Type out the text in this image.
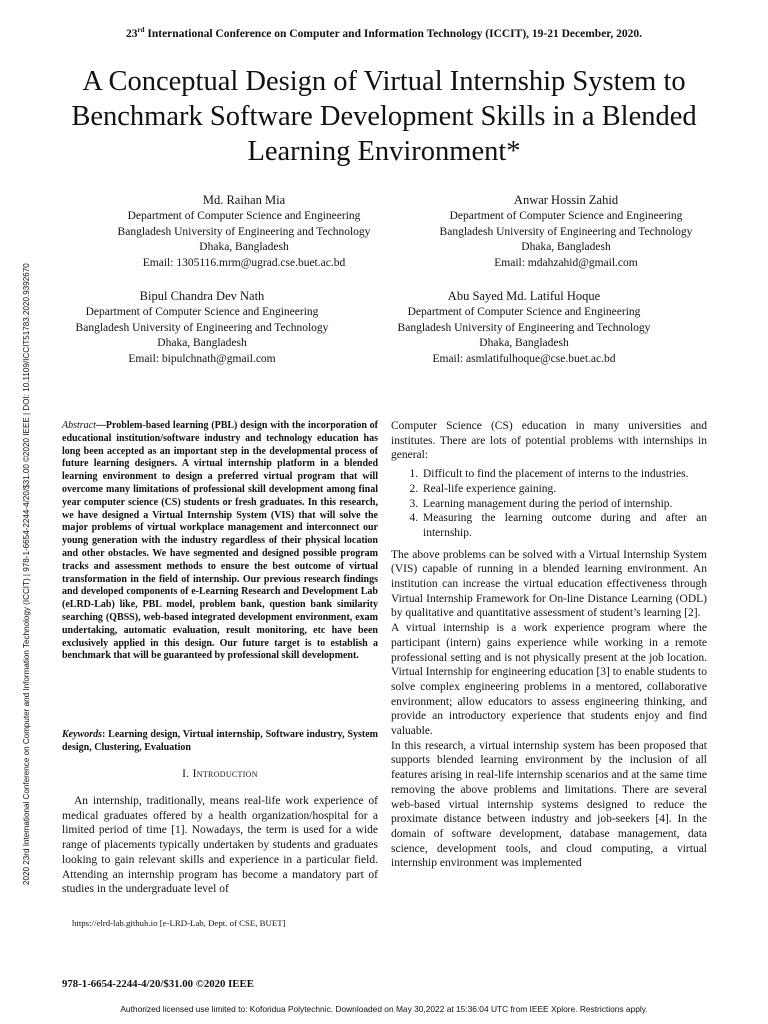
23rd International Conference on Computer and Information Technology (ICCIT), 19-21 December, 2020.
A Conceptual Design of Virtual Internship System to Benchmark Software Development Skills in a Blended Learning Environment*
Md. Raihan Mia
Department of Computer Science and Engineering
Bangladesh University of Engineering and Technology
Dhaka, Bangladesh
Email: 1305116.mrm@ugrad.cse.buet.ac.bd
Anwar Hossin Zahid
Department of Computer Science and Engineering
Bangladesh University of Engineering and Technology
Dhaka, Bangladesh
Email: mdahzahid@gmail.com
Bipul Chandra Dev Nath
Department of Computer Science and Engineering
Bangladesh University of Engineering and Technology
Dhaka, Bangladesh
Email: bipulchnath@gmail.com
Abu Sayed Md. Latiful Hoque
Department of Computer Science and Engineering
Bangladesh University of Engineering and Technology
Dhaka, Bangladesh
Email: asmlatifulhoque@cse.buet.ac.bd
2020 23rd International Conference on Computer and Information Technology (ICCIT) | 978-1-6654-2244-4/20/$31.00 ©2020 IEEE | DOI: 10.1109/ICCIT51783.2020.9392670	Abstract—Problem-based learning (PBL) design with the incorporation of educational institution/software industry and technology education has long been accepted as an important step in the developmental process of future learning designers. A virtual internship platform in a blended learning environment to design a preferred virtual program that will overcome many limitations of professional skill development among final year computer science (CS) students or fresh graduates. In this research, we have designed a Virtual Internship System (VIS) that will solve the major problems of virtual workplace management and interconnect our young generation with the industry regardless of their physical location and other obstacles. We have segmented and designed possible program tracks and assessment methods to ensure the best outcome of virtual transformation in the field of internship. Our previous research findings and developed components of e-Learning Research and Development Lab (eLRD-Lab) like, PBL model, problem bank, question bank similarity searching (QBSS), web-based integrated development environment, exam undertaking, automatic evaluation, result monitoring, etc have been exclusively applied in this design. Our future target is to establish a benchmark that will be guaranteed by professional skill development.
Keywords: Learning design, Virtual internship, Software industry, System design, Clustering, Evaluation
I. Introduction
An internship, traditionally, means real-life work experience of medical graduates offered by a health organization/hospital for a limited period of time [1]. Nowadays, the term is used for a wide range of placements typically undertaken by students and graduates looking to gain relevant skills and experience in a particular field. Attending an internship program has become a mandatory part of studies in the undergraduate level of
https://elrd-lab.github.io [e-LRD-Lab, Dept. of CSE, BUET]

Computer Science (CS) education in many universities and institutes. There are lots of potential problems with internships in general:

1. Difficult to find the placement of interns to the industries.
2. Real-life experience gaining.
3. Learning management during the period of internship.
4. Measuring the learning outcome during and after an internship.

The above problems can be solved with a Virtual Internship System (VIS) capable of running in a blended learning environment. An institution can increase the virtual education effectiveness through Virtual Internship Framework for On-line Distance Learning (ODL) by qualitative and quantitative assessment of student’s learning [2].

A virtual internship is a work experience program where the participant (intern) gains experience while working in a remote professional setting and is not physically present at the job location. Virtual Internship for engineering education [3] to enable students to solve complex engineering problems in a mentored, collaborative environment; allow educators to assess engineering thinking, and provide an introductory experience that students enjoy and find valuable.

In this research, a virtual internship system has been proposed that supports blended learning environment by the inclusion of all features arising in real-life internship scenarios and at the same time removing the above problems and limitations. There are several web-based virtual internship systems designed to reduce the proximate distance between industry and job-seekers [4]. In the domain of software development, database management, data science, development tools, and cloud computing, a virtual internship environment was implemented

978-1-6654-2244-4/20/$31.00 ©2020 IEEE
Authorized licensed use limited to: Koforidua Polytechnic. Downloaded on May 30,2022 at 15:36:04 UTC from IEEE Xplore. Restrictions apply.
